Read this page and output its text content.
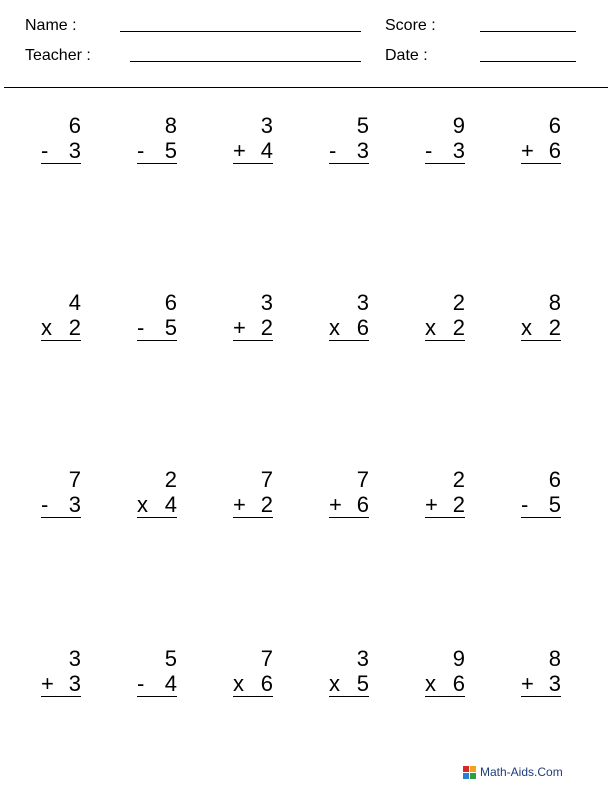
Name :	Score :
Teacher :	Date :
6
- 3
8
- 5
3
+ 4
5
- 3
9
- 3
6
+ 6
4
x 2
6
- 5
3
+ 2
3
x 6
2
x 2
8
x 2
7
- 3
2
x 4
7
+ 2
7
+ 6
2
+ 2
6
- 5
3
+ 3
5
- 4
7
x 6
3
x 5
9
x 6
8
+ 3
Math-Aids.Com
